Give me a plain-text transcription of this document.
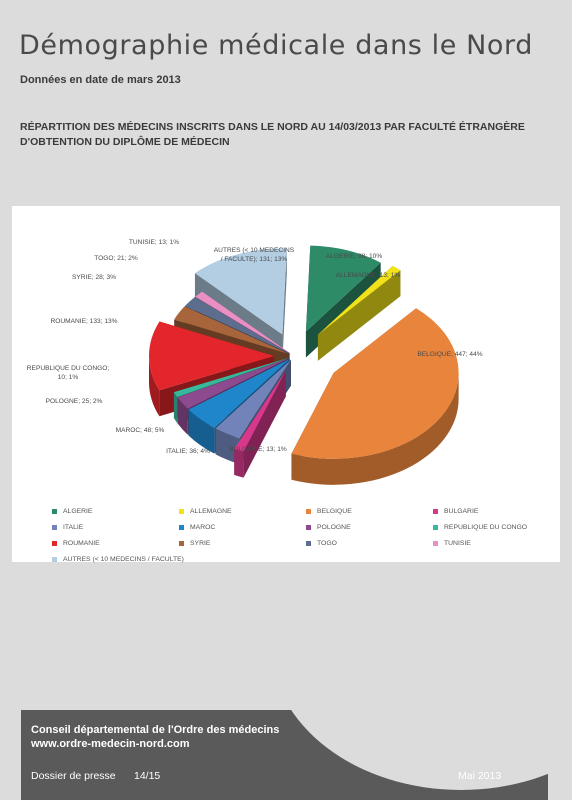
Démographie médicale dans le Nord
Données en date de mars 2013
RÉPARTITION DES MÉDECINS INSCRITS DANS LE NORD AU 14/03/2013 PAR FACULTÉ ÉTRANGÈRE
D'OBTENTION DU DIPLÔME DE MÉDECIN
ALGERIE; 98; 10%
ALLEMAGNE; 13; 1%
BELGIQUE; 447; 44%
BULGARIE; 13; 1%
ITALIE; 36; 4%
MAROC; 48; 5%
POLOGNE; 25; 2%
REPUBLIQUE DU CONGO; 10; 1%
ROUMANIE; 133; 13%
SYRIE; 28; 3%
TOGO; 21; 2%
TUNISIE; 13; 1%
AUTRES (< 10 MEDECINS / FACULTE); 131; 13%
ALGERIE	ALLEMAGNE	BELGIQUE	BULGARIE
ITALIE	MAROC	POLOGNE	REPUBLIQUE DU CONGO
ROUMANIE	SYRIE	TOGO	TUNISIE
AUTRES (< 10 MEDECINS / FACULTE)
Conseil départemental de l'Ordre des médecins
www.ordre-medecin-nord.com
Dossier de presse 14/15	Mai 2013
